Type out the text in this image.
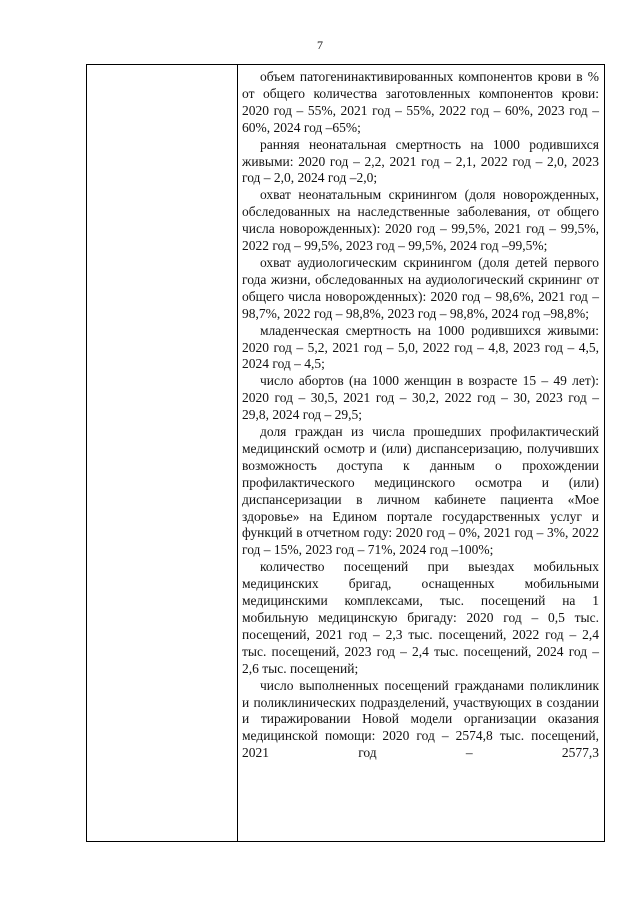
7

объем патогенинактивированных компонентов крови в % от общего количества заготовленных компонентов крови: 2020 год – 55%, 2021 год – 55%, 2022 год – 60%, 2023 год – 60%, 2024 год –65%;

ранняя неонатальная смертность на 1000 родившихся живыми: 2020 год – 2,2, 2021 год – 2,1, 2022 год – 2,0, 2023 год – 2,0, 2024 год –2,0;

охват неонатальным скринингом (доля новорожденных, обследованных на наследственные заболевания, от общего числа новорожденных): 2020 год – 99,5%, 2021 год – 99,5%, 2022 год – 99,5%, 2023 год – 99,5%, 2024 год –99,5%;

охват аудиологическим скринингом (доля детей первого года жизни, обследованных на аудиологический скрининг от общего числа новорожденных): 2020 год – 98,6%, 2021 год – 98,7%, 2022 год – 98,8%, 2023 год – 98,8%, 2024 год –98,8%;

младенческая смертность на 1000 родившихся живыми: 2020 год – 5,2, 2021 год – 5,0, 2022 год – 4,8, 2023 год – 4,5, 2024 год – 4,5;

число абортов (на 1000 женщин в возрасте 15 – 49 лет): 2020 год – 30,5, 2021 год – 30,2, 2022 год – 30, 2023 год – 29,8, 2024 год – 29,5;

доля граждан из числа прошедших профилактический медицинский осмотр и (или) диспансеризацию, получивших возможность доступа к данным о прохождении профилактического медицинского осмотра и (или) диспансеризации в личном кабинете пациента «Мое здоровье» на Едином портале государственных услуг и функций в отчетном году: 2020 год – 0%, 2021 год – 3%, 2022 год – 15%, 2023 год – 71%, 2024 год –100%;

количество посещений при выездах мобильных медицинских бригад, оснащенных мобильными медицинскими комплексами, тыс. посещений на 1 мобильную медицинскую бригаду: 2020 год – 0,5 тыс. посещений, 2021 год – 2,3 тыс. посещений, 2022 год – 2,4 тыс. посещений, 2023 год – 2,4 тыс. посещений, 2024 год – 2,6 тыс. посещений;

число выполненных посещений гражданами поликлиник и поликлинических подразделений, участвующих в создании и тиражировании Новой модели организации оказания медицинской помощи: 2020 год – 2574,8 тыс. посещений, 2021 год – 2577,3
